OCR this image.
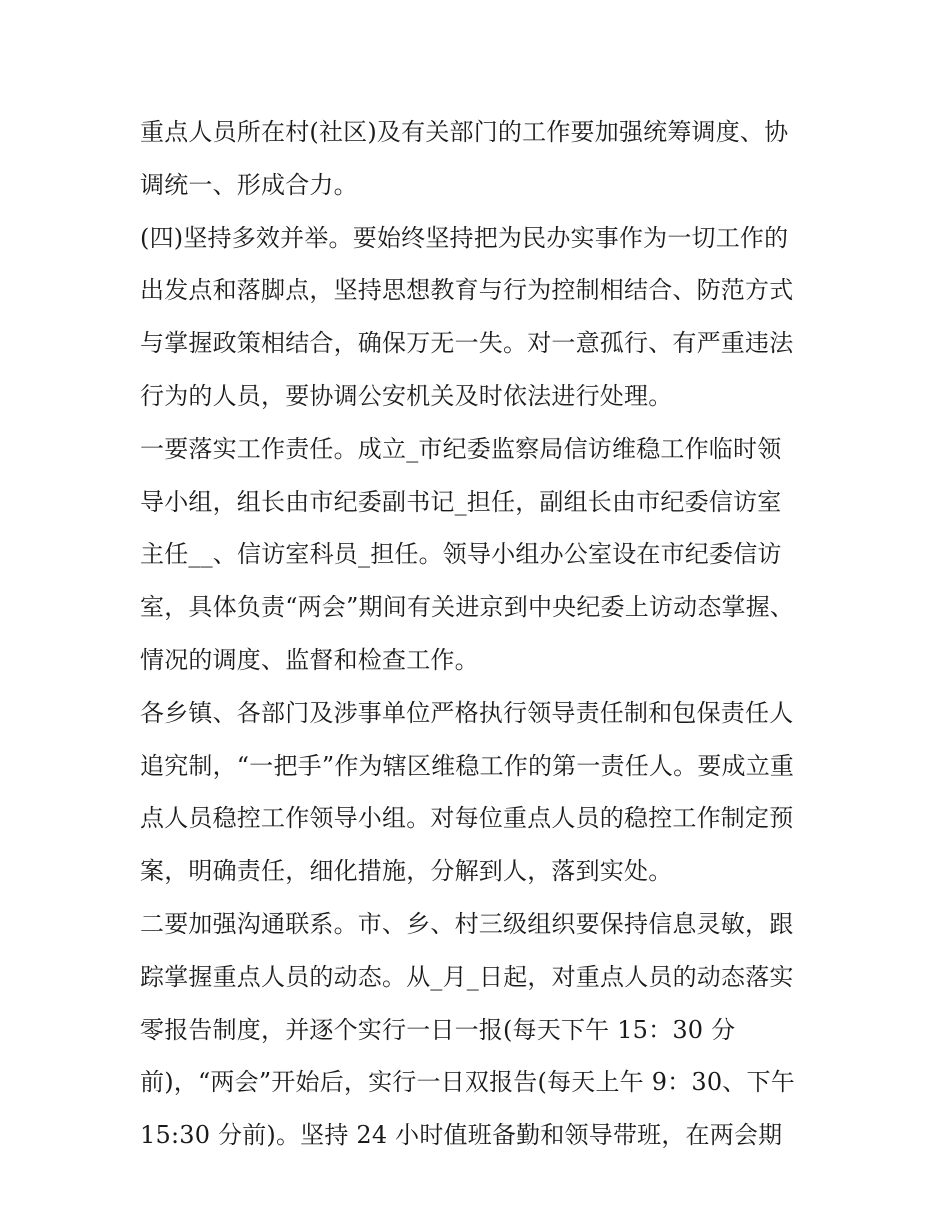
重点人员所在村(社区)及有关部门的工作要加强统筹调度、协
调统一、形成合力。
(四)坚持多效并举。要始终坚持把为民办实事作为一切工作的
出发点和落脚点，坚持思想教育与行为控制相结合、防范方式
与掌握政策相结合，确保万无一失。对一意孤行、有严重违法
行为的人员，要协调公安机关及时依法进行处理。
一要落实工作责任。成立_市纪委监察局信访维稳工作临时领
导小组，组长由市纪委副书记_担任，副组长由市纪委信访室
主任__、信访室科员_担任。领导小组办公室设在市纪委信访
室，具体负责“两会”期间有关进京到中央纪委上访动态掌握、
情况的调度、监督和检查工作。
各乡镇、各部门及涉事单位严格执行领导责任制和包保责任人
追究制，“一把手”作为辖区维稳工作的第一责任人。要成立重
点人员稳控工作领导小组。对每位重点人员的稳控工作制定预
案，明确责任，细化措施，分解到人，落到实处。
二要加强沟通联系。市、乡、村三级组织要保持信息灵敏，跟
踪掌握重点人员的动态。从_月_日起，对重点人员的动态落实
零报告制度，并逐个实行一日一报(每天下午 15：30 分
前)，“两会”开始后，实行一日双报告(每天上午 9：30、下午
15:30 分前)。坚持 24 小时值班备勤和领导带班，在两会期
